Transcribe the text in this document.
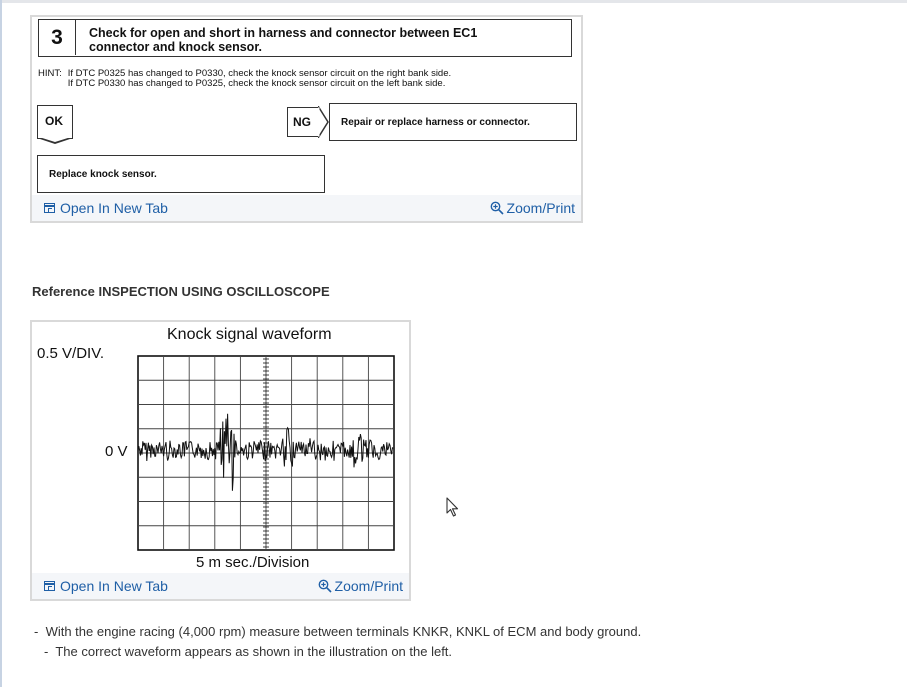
3	Check for open and short in harness and connector between EC1
connector and knock sensor.
HINT: If DTC P0325 has changed to P0330, check the knock sensor circuit on the right bank side.
If DTC P0330 has changed to P0325, check the knock sensor circuit on the left bank side.
OK	NG	Repair or replace harness or connector.
Replace knock sensor.
Open In New Tab	Zoom/Print
Reference INSPECTION USING OSCILLOSCOPE
Knock signal waveform
0.5 V/DIV.
0 V
5 m sec./Division
Open In New Tab	Zoom/Print
-  With the engine racing (4,000 rpm) measure between terminals KNKR, KNKL of ECM and body ground.
-  The correct waveform appears as shown in the illustration on the left.
